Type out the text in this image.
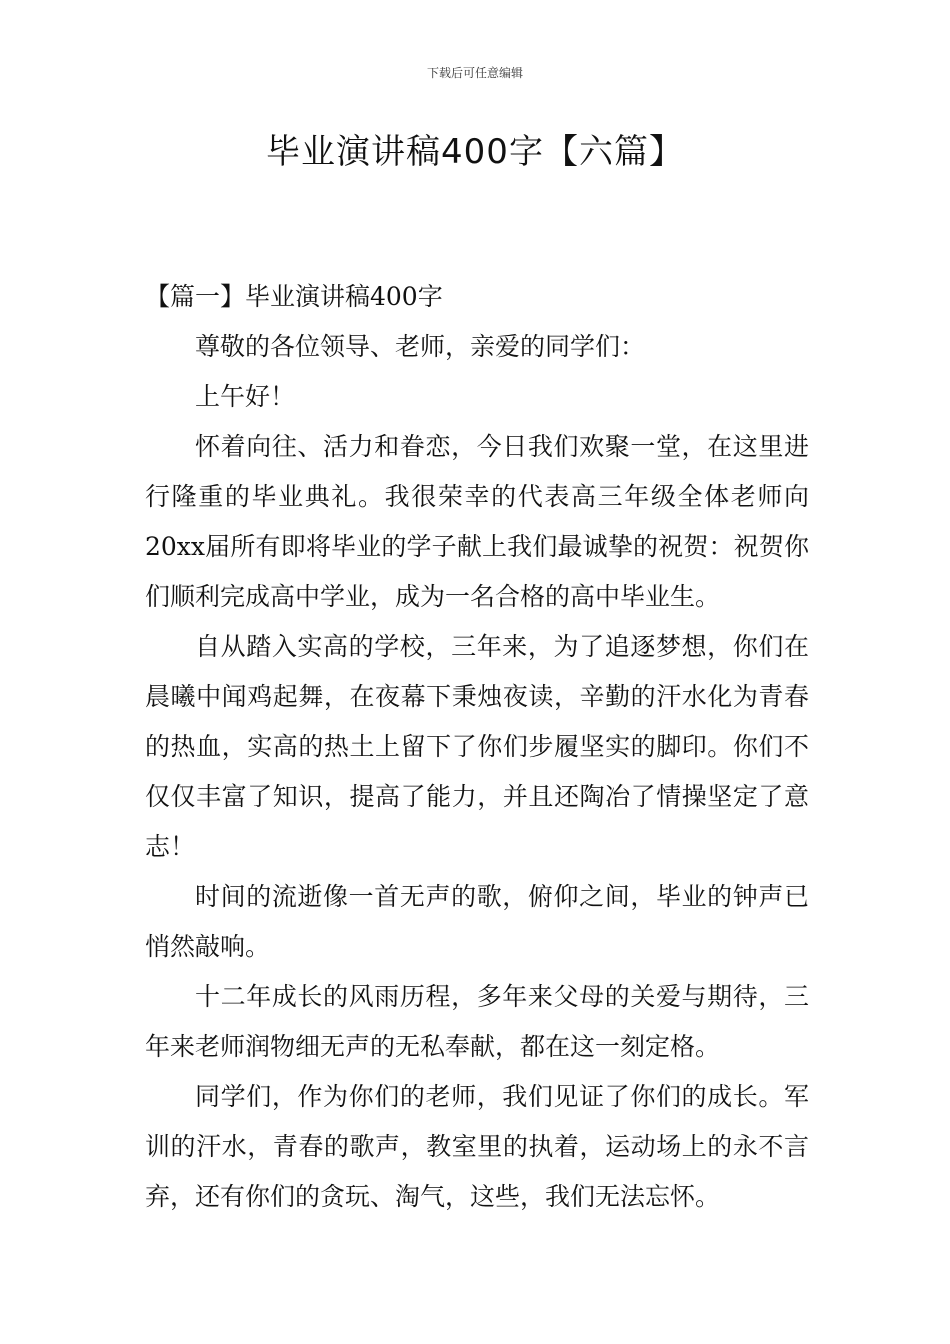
下载后可任意编辑
毕业演讲稿400字【六篇】
【篇一】毕业演讲稿400字

尊敬的各位领导、老师，亲爱的同学们：

上午好！

怀着向往、活力和眷恋，今日我们欢聚一堂，在这里进行隆重的毕业典礼。我很荣幸的代表高三年级全体老师向20xx届所有即将毕业的学子献上我们最诚挚的祝贺：祝贺你们顺利完成高中学业，成为一名合格的高中毕业生。

自从踏入实高的学校，三年来，为了追逐梦想，你们在晨曦中闻鸡起舞，在夜幕下秉烛夜读，辛勤的汗水化为青春的热血，实高的热土上留下了你们步履坚实的脚印。你们不仅仅丰富了知识，提高了能力，并且还陶冶了情操坚定了意志！

时间的流逝像一首无声的歌，俯仰之间，毕业的钟声已悄然敲响。

十二年成长的风雨历程，多年来父母的关爱与期待，三年来老师润物细无声的无私奉献，都在这一刻定格。

同学们，作为你们的老师，我们见证了你们的成长。军训的汗水，青春的歌声，教室里的执着，运动场上的永不言弃，还有你们的贪玩、淘气，这些，我们无法忘怀。
